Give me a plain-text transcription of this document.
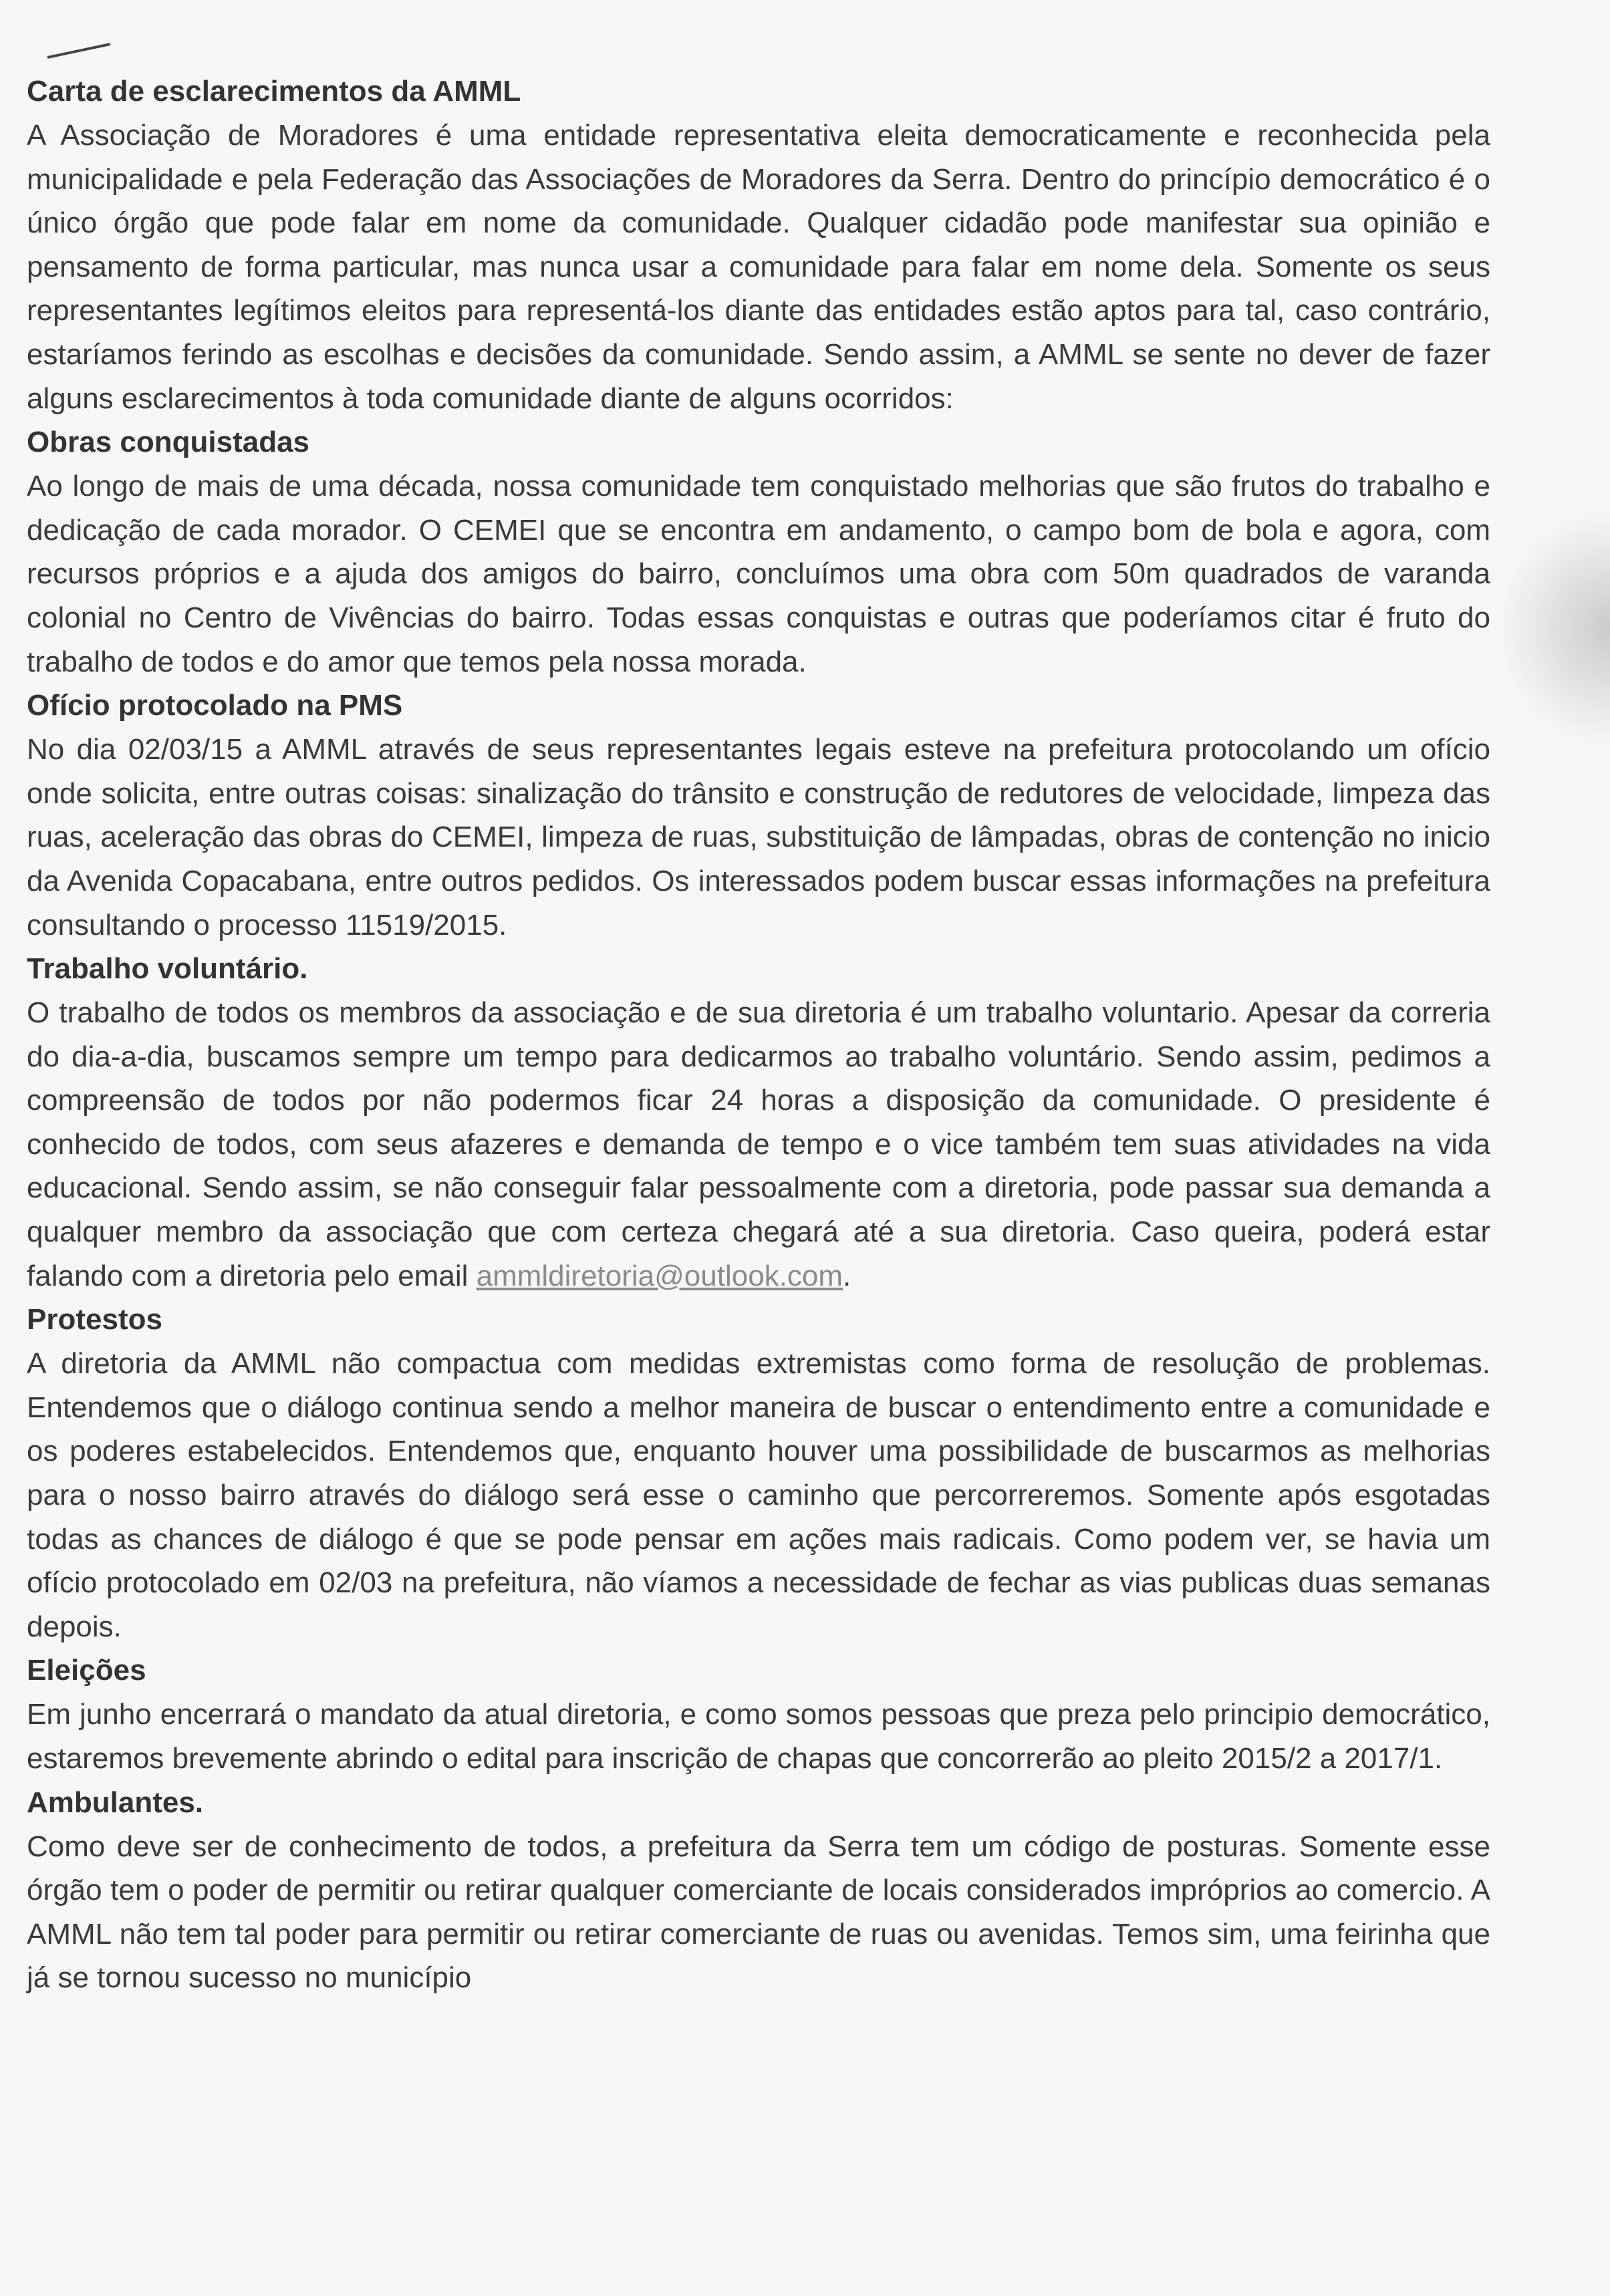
Carta de esclarecimentos da AMML

A Associação de Moradores é uma entidade representativa eleita democraticamente e reconhecida pela municipalidade e pela Federação das Associações de Moradores da Serra. Dentro do princípio democrático é o único órgão que pode falar em nome da comunidade. Qualquer cidadão pode manifestar sua opinião e pensamento de forma particular, mas nunca usar a comunidade para falar em nome dela. Somente os seus representantes legítimos eleitos para representá-los diante das entidades estão aptos para tal, caso contrário, estaríamos ferindo as escolhas e decisões da comunidade. Sendo assim, a AMML se sente no dever de fazer alguns esclarecimentos à toda comunidade diante de alguns ocorridos:

Obras conquistadas

Ao longo de mais de uma década, nossa comunidade tem conquistado melhorias que são frutos do trabalho e dedicação de cada morador. O CEMEI que se encontra em andamento, o campo bom de bola e agora, com recursos próprios e a ajuda dos amigos do bairro, concluímos uma obra com 50m quadrados de varanda colonial no Centro de Vivências do bairro. Todas essas conquistas e outras que poderíamos citar é fruto do trabalho de todos e do amor que temos pela nossa morada.

Ofício protocolado na PMS

No dia 02/03/15 a AMML através de seus representantes legais esteve na prefeitura protocolando um ofício onde solicita, entre outras coisas: sinalização do trânsito e construção de redutores de velocidade, limpeza das ruas, aceleração das obras do CEMEI, limpeza de ruas, substituição de lâmpadas, obras de contenção no inicio da Avenida Copacabana, entre outros pedidos. Os interessados podem buscar essas informações na prefeitura consultando o processo 11519/2015.

Trabalho voluntário.

O trabalho de todos os membros da associação e de sua diretoria é um trabalho voluntario. Apesar da correria do dia-a-dia, buscamos sempre um tempo para dedicarmos ao trabalho voluntário. Sendo assim, pedimos a compreensão de todos por não podermos ficar 24 horas a disposição da comunidade. O presidente é conhecido de todos, com seus afazeres e demanda de tempo e o vice também tem suas atividades na vida educacional. Sendo assim, se não conseguir falar pessoalmente com a diretoria, pode passar sua demanda a qualquer membro da associação que com certeza chegará até a sua diretoria. Caso queira, poderá estar falando com a diretoria pelo email ammldiretoria@outlook.com.

Protestos

A diretoria da AMML não compactua com medidas extremistas como forma de resolução de problemas. Entendemos que o diálogo continua sendo a melhor maneira de buscar o entendimento entre a comunidade e os poderes estabelecidos. Entendemos que, enquanto houver uma possibilidade de buscarmos as melhorias para o nosso bairro através do diálogo será esse o caminho que percorreremos. Somente após esgotadas todas as chances de diálogo é que se pode pensar em ações mais radicais. Como podem ver, se havia um ofício protocolado em 02/03 na prefeitura, não víamos a necessidade de fechar as vias publicas duas semanas depois.

Eleições

Em junho encerrará o mandato da atual diretoria, e como somos pessoas que preza pelo principio democrático, estaremos brevemente abrindo o edital para inscrição de chapas que concorrerão ao pleito 2015/2 a 2017/1.

Ambulantes.

Como deve ser de conhecimento de todos, a prefeitura da Serra tem um código de posturas. Somente esse órgão tem o poder de permitir ou retirar qualquer comerciante de locais considerados impróprios ao comercio. A AMML não tem tal poder para permitir ou retirar comerciante de ruas ou avenidas. Temos sim, uma feirinha que já se tornou sucesso no município
